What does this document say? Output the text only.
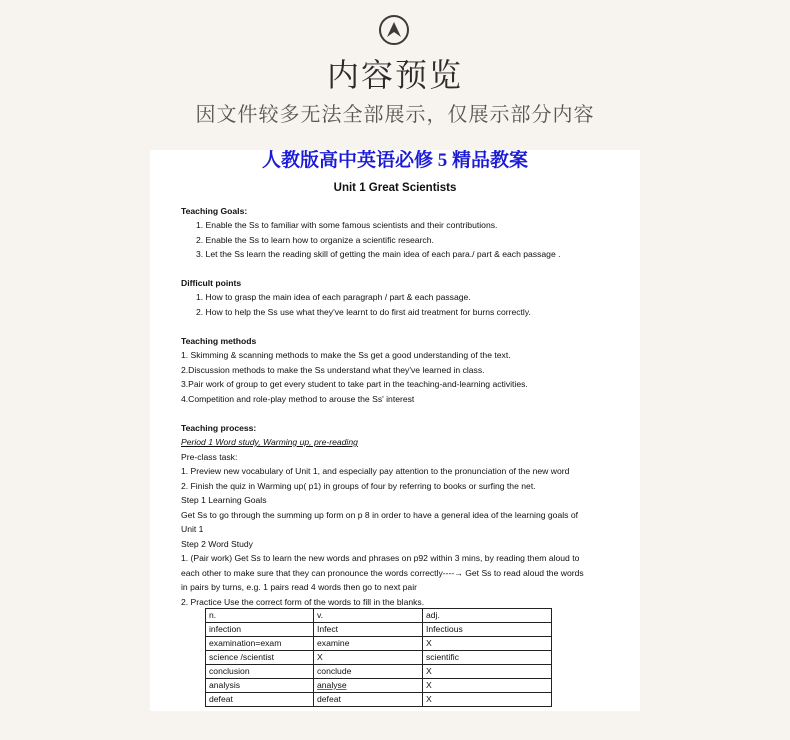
内容预览
因文件较多无法全部展示，仅展示部分内容
人教版高中英语必修 5 精品教案
Unit 1 Great Scientists
Teaching Goals:
1. Enable the Ss to familiar with some famous scientists and their contributions.
2. Enable the Ss to learn how to organize a scientific research.
3. Let the Ss learn the reading skill of getting the main idea of each para./ part & each passage .
Difficult points
1. How to grasp the main idea of each paragraph / part & each passage.
2. How to help the Ss use what they've learnt to do first aid treatment for burns correctly.
Teaching methods
1. Skimming & scanning methods to make the Ss get a good understanding of the text.
2.Discussion methods to make the Ss understand what they've learned in class.
3.Pair work of group to get every student to take part in the teaching-and-learning activities.
4.Competition and role-play method to arouse the Ss' interest
Teaching process:
Period 1 Word study, Warming up, pre-reading
Pre-class task:
1. Preview new vocabulary of Unit 1, and especially pay attention to the pronunciation of the new word
2. Finish the quiz in Warming up( p1) in groups of four by referring to books or surfing the net.
Step 1 Learning Goals
Get Ss to go through the summing up form on p 8 in order to have a general idea of the learning goals of
Unit 1
Step 2 Word Study
1. (Pair work) Get Ss to learn the new words and phrases on p92 within 3 mins, by reading them aloud to
each other to make sure that they can pronounce the words correctly----→ Get Ss to read aloud the words
in pairs by turns, e.g. 1 pairs read 4 words then go to next pair
2. Practice Use the correct form of the words to fill in the blanks.
n.	v.	adj.
infection	Infect	Infectious
examination=exam	examine	X
science /scientist	X	scientific
conclusion	conclude	X
analysis	analyse	X
defeat	defeat	X
